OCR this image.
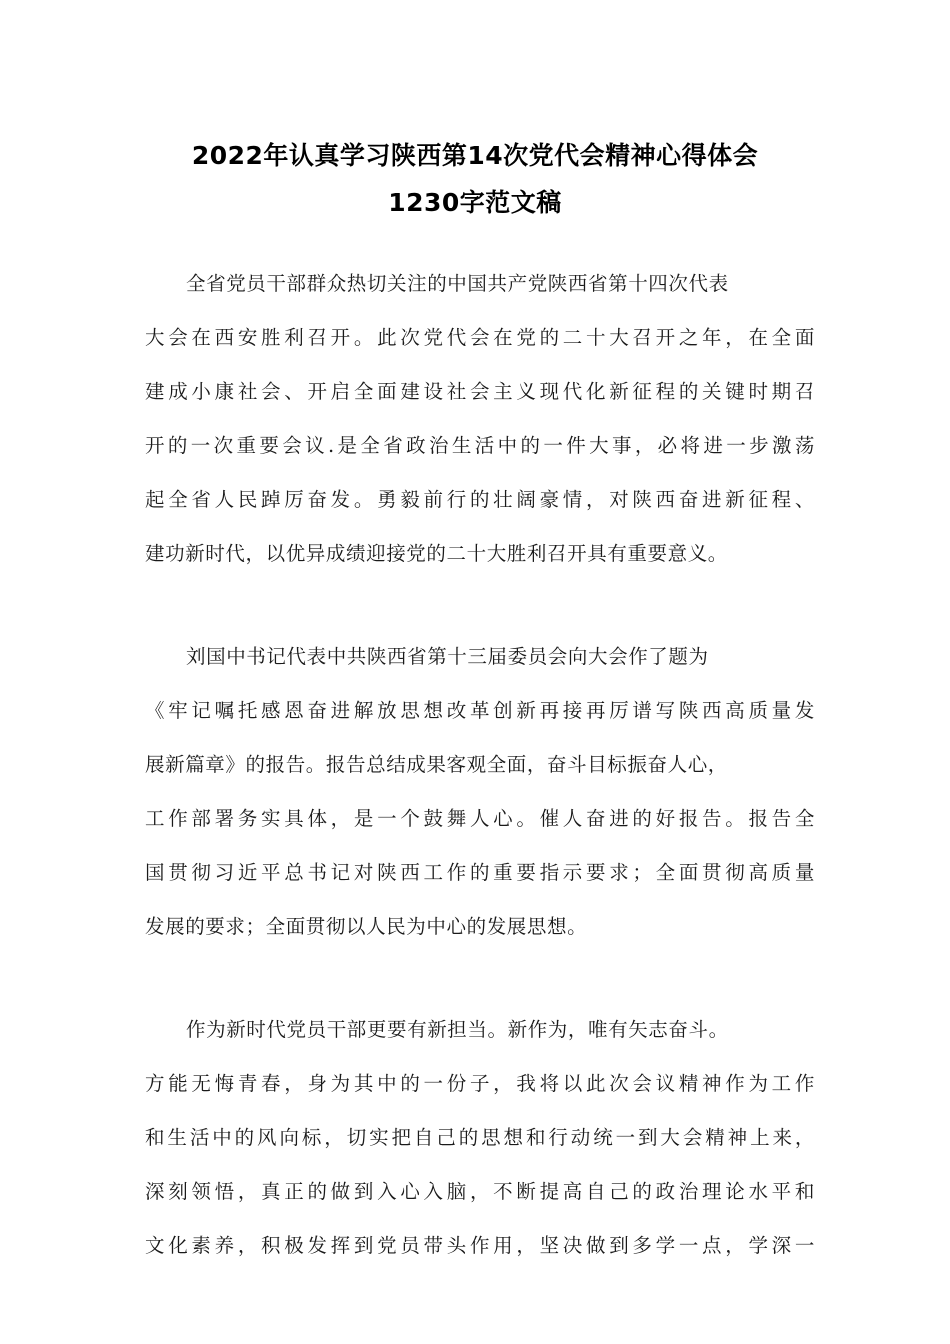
2022年认真学习陕西第14次党代会精神心得体会
1230字范文稿
全省党员干部群众热切关注的中国共产党陕西省第十四次代表
大会在西安胜利召开。此次党代会在党的二十大召开之年，在全面
建成小康社会、开启全面建设社会主义现代化新征程的关键时期召
开的一次重要会议.是全省政治生活中的一件大事，必将进一步激荡
起全省人民踔厉奋发。勇毅前行的壮阔豪情，对陕西奋进新征程、
建功新时代，以优异成绩迎接党的二十大胜利召开具有重要意义。
刘国中书记代表中共陕西省第十三届委员会向大会作了题为
《牢记嘱托感恩奋进解放思想改革创新再接再厉谱写陕西高质量发
展新篇章》的报告。报告总结成果客观全面，奋斗目标振奋人心，
工作部署务实具体，是一个鼓舞人心。催人奋进的好报告。报告全
国贯彻习近平总书记对陕西工作的重要指示要求；全面贯彻高质量
发展的要求；全面贯彻以人民为中心的发展思想。
作为新时代党员干部更要有新担当。新作为，唯有矢志奋斗。
方能无悔青春，身为其中的一份子，我将以此次会议精神作为工作
和生活中的风向标，切实把自己的思想和行动统一到大会精神上来，
深刻领悟，真正的做到入心入脑，不断提高自己的政治理论水平和
文化素养，积极发挥到党员带头作用，坚决做到多学一点，学深一
